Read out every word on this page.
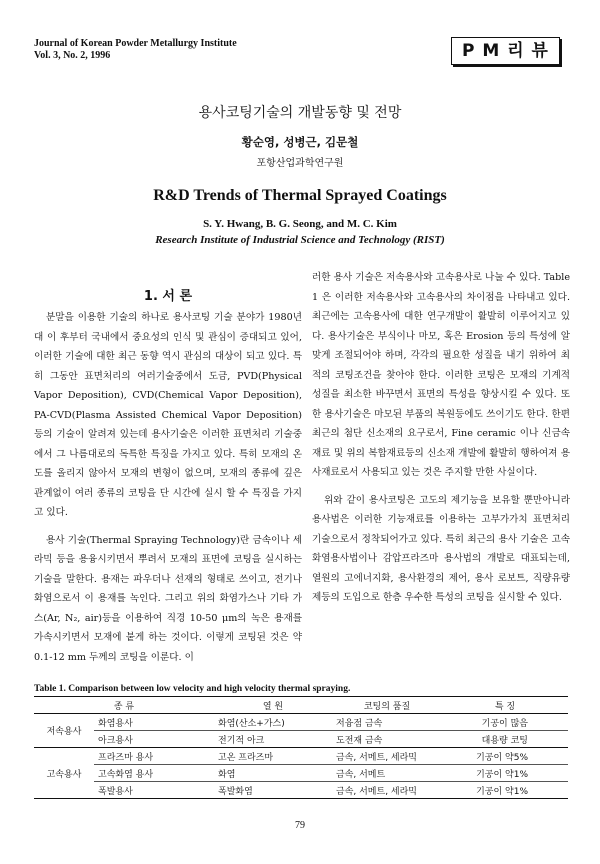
Journal of Korean Powder Metallurgy Institute
Vol. 3, No. 2, 1996	P M 리 뷰
용사코팅기술의 개발동향 및 전망
황순영, 성병근, 김문철
포항산업과학연구원
R&D Trends of Thermal Sprayed Coatings
S. Y. Hwang, B. G. Seong, and M. C. Kim
Research Institute of Industrial Science and Technology (RIST)
1. 서 론

분말을 이용한 기술의 하나로 용사코팅 기술 분야가 1980년대 이 후부터 국내에서 중요성의 인식 및 관심이 증대되고 있어, 이러한 기술에 대한 최근 동향 역시 관심의 대상이 되고 있다. 특히 그동안 표면처리의 여러기술중에서 도금, PVD(Physical Vapor Deposition), CVD(Chemical Vapor Deposition), PA-CVD(Plasma Assisted Chemical Vapor Deposition)등의 기술이 알려져 있는데 용사기술은 이러한 표면처리 기술중에서 그 나름대로의 독특한 특징을 가지고 있다. 특히 모재의 온도를 올리지 않아서 모재의 변형이 없으며, 모재의 종류에 깊은 관계없이 여러 종류의 코팅을 단 시간에 실시 할 수 특징을 가지고 있다.

용사 기술(Thermal Spraying Technology)란 금속이나 세라믹 등을 용융시키면서 뿌려서 모재의 표면에 코팅을 실시하는 기술을 말한다. 용재는 파우더나 선재의 형태로 쓰이고, 전기나 화염으로서 이 용재를 녹인다. 그리고 위의 화염가스나 기타 가스(Ar, N₂, air)등을 이용하여 직경 10-50 μm의 녹은 용재를 가속시키면서 모재에 붙게 하는 것이다. 이렇게 코팅된 것은 약 0.1-12 mm 두께의 코팅을 이룬다. 이

러한 용사 기술은 저속용사와 고속용사로 나눌 수 있다. Table 1 은 이러한 저속용사와 고속용사의 차이점을 나타내고 있다. 최근에는 고속용사에 대한 연구개발이 활발히 이루어지고 있다. 용사기술은 부식이나 마모, 혹은 Erosion 등의 특성에 알맞게 조절되어야 하며, 각각의 필요한 성질을 내기 위하여 최적의 코팅조건을 찾아야 한다. 이러한 코팅은 모재의 기계적 성질을 최소한 바꾸면서 표면의 특성을 향상시킬 수 있다. 또한 용사기술은 마모된 부품의 복원등에도 쓰이기도 한다. 한편 최근의 첨단 신소재의 요구로서, Fine ceramic 이나 신금속재료 및 위의 복합재료등의 신소재 개발에 활발히 행하여져 용사재료로서 사용되고 있는 것은 주지할 만한 사실이다.

위와 같이 용사코팅은 고도의 제기능을 보유할 뿐만아니라 용사법은 이러한 기능재료를 이용하는 고부가가치 표면처리 기술으로서 정착되어가고 있다. 특히 최근의 용사 기술은 고속화염용사법이나 감압프라즈마 용사법의 개발로 대표되는데, 열원의 고에너지화, 용사환경의 제어, 용사 로보트, 직량유량제등의 도입으로 한층 우수한 특성의 코팅을 실시할 수 있다.

Table 1. Comparison between low velocity and high velocity thermal spraying.
종 류		열 원	코팅의 품질	특 징
저속용사	화염용사	화염(산소+가스)	저융점 금속	기공이 많음
	아크용사	전기적 아크	도전재 금속	대용량 코팅
고속용사	프라즈마 용사	고온 프라즈마	금속, 서메트, 세라믹	기공이 약5%
	고속화염 용사	화염	금속, 서메트	기공이 약1%
	폭발용사	폭발화염	금속, 서메트, 세라믹	기공이 약1%
79
